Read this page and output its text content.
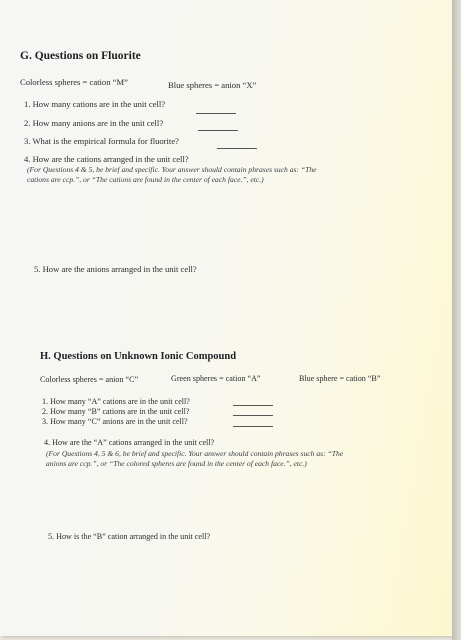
G. Questions on Fluorite
Colorless spheres = cation “M”	Blue spheres = anion “X”
1. How many cations are in the unit cell?
2. How many anions are in the unit cell?
3. What is the empirical formula for fluorite?
4. How are the cations arranged in the unit cell?
(For Questions 4 & 5, be brief and specific. Your answer should contain phrases such as: “The
cations are ccp.”, or “The cations are found in the center of each face.”, etc.)
5. How are the anions arranged in the unit cell?
H. Questions on Unknown Ionic Compound
Colorless spheres = anion “C”	Green spheres = cation “A”	Blue sphere = cation “B”
1. How many “A” cations are in the unit cell?
2. How many “B” cations are in the unit cell?
3. How many “C” anions are in the unit cell?
4. How are the “A” cations arranged in the unit cell?
(For Questions 4, 5 & 6, be brief and specific. Your answer should contain phrases such as: “The
anions are ccp.”, or “The colored spheres are found in the center of each face.”, etc.)
5. How is the “B” cation arranged in the unit cell?
